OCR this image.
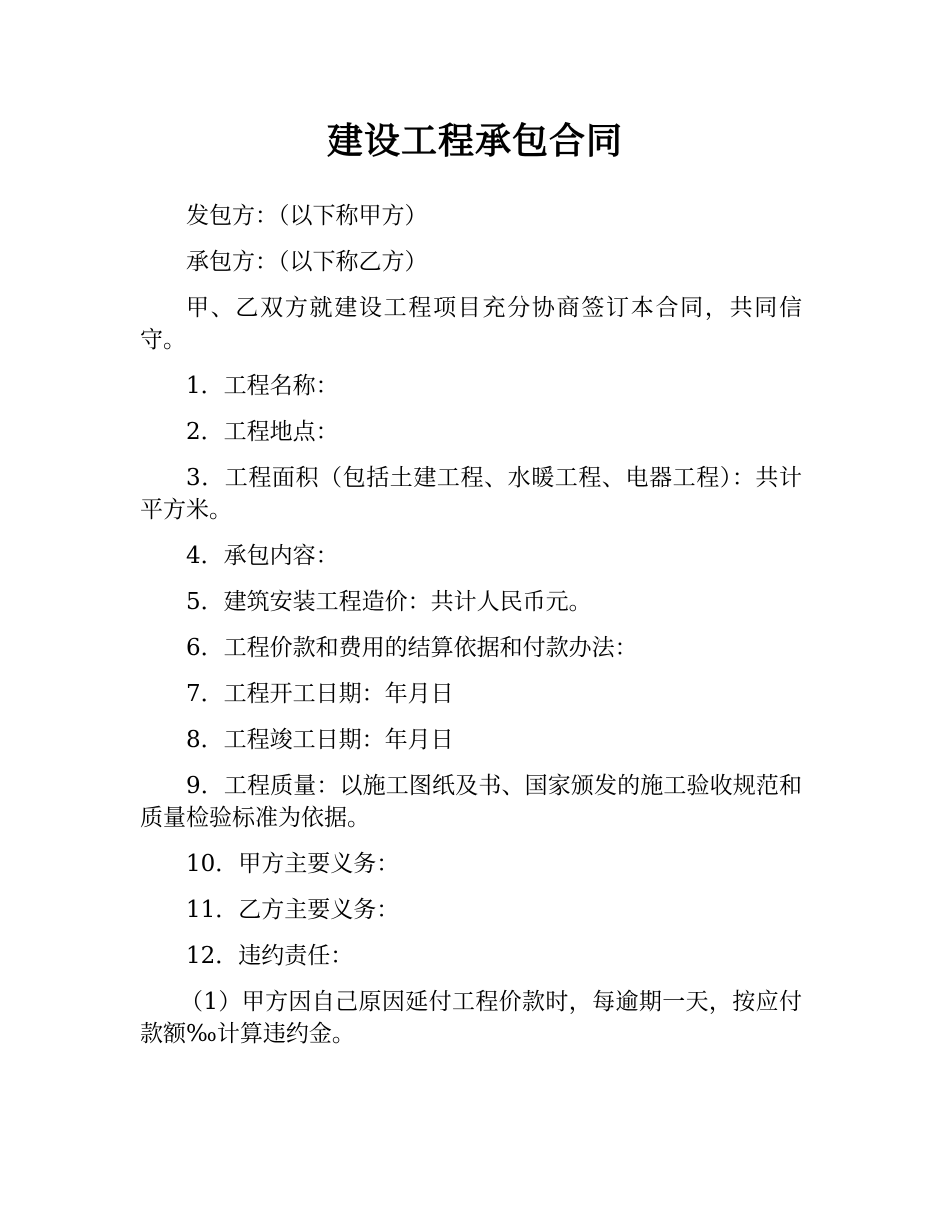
建设工程承包合同

发包方：（以下称甲方）

承包方：（以下称乙方）

甲、乙双方就建设工程项目充分协商签订本合同，共同信守。

1．工程名称：

2．工程地点：

3．工程面积（包括土建工程、水暖工程、电器工程）：共计平方米。

4．承包内容：

5．建筑安装工程造价：共计人民币元。

6．工程价款和费用的结算依据和付款办法：

7．工程开工日期：年月日

8．工程竣工日期：年月日

9．工程质量：以施工图纸及书、国家颁发的施工验收规范和质量检验标准为依据。

10．甲方主要义务：

11．乙方主要义务：

12．违约责任：

（1）甲方因自己原因延付工程价款时，每逾期一天，按应付款额‰计算违约金。
